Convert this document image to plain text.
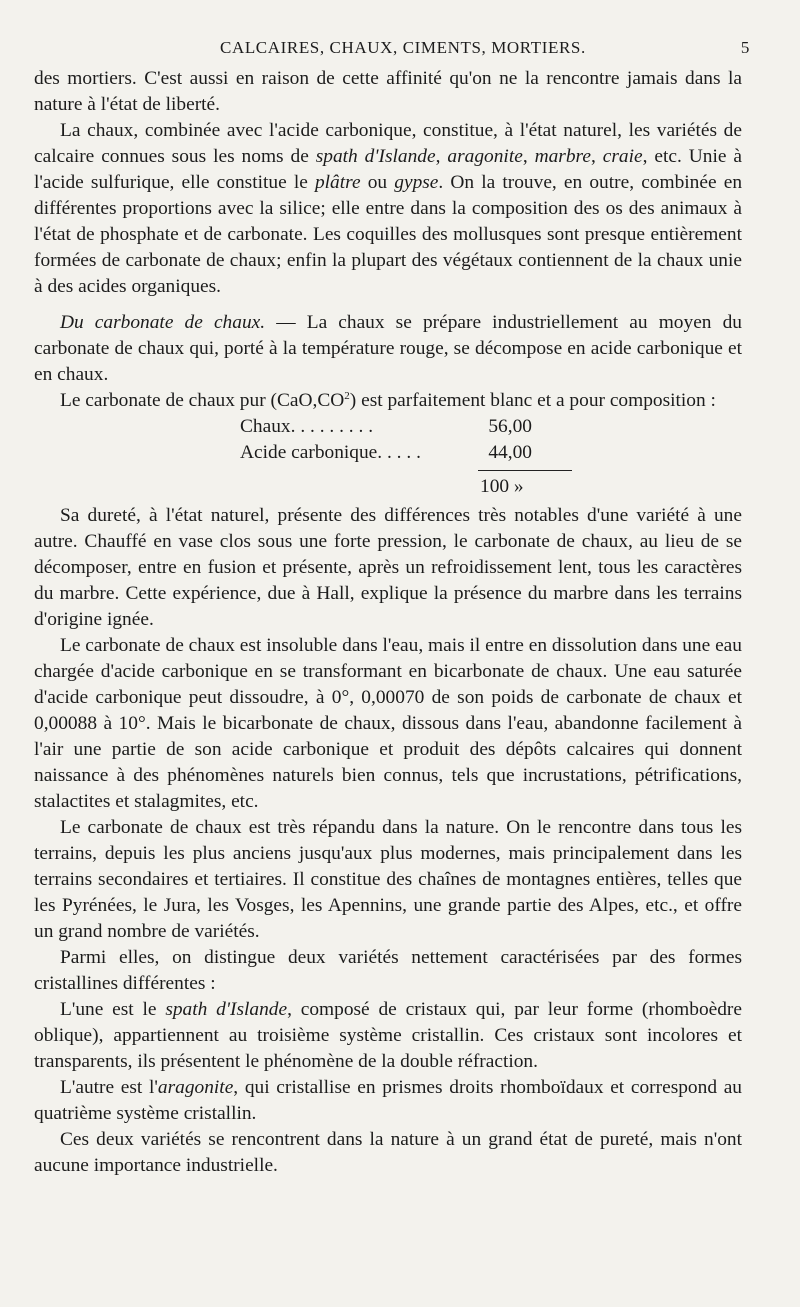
CALCAIRES, CHAUX, CIMENTS, MORTIERS.	5

des mortiers. C'est aussi en raison de cette affinité qu'on ne la rencontre jamais dans la nature à l'état de liberté.

La chaux, combinée avec l'acide carbonique, constitue, à l'état naturel, les variétés de calcaire connues sous les noms de spath d'Islande, aragonite, marbre, craie, etc. Unie à l'acide sulfurique, elle constitue le plâtre ou gypse. On la trouve, en outre, combinée en différentes proportions avec la silice; elle entre dans la composition des os des animaux à l'état de phosphate et de carbonate. Les coquilles des mollusques sont presque entièrement formées de carbonate de chaux; enfin la plupart des végétaux contiennent de la chaux unie à des acides organiques.

Du carbonate de chaux. — La chaux se prépare industriellement au moyen du carbonate de chaux qui, porté à la température rouge, se décompose en acide carbonique et en chaux.

Le carbonate de chaux pur $(CaO,CO^2)$ est parfaitement blanc et a pour composition :

Chaux. . . . . . . . .	56,00
Acide carbonique. . . . .	44,00
100 »

Sa dureté, à l'état naturel, présente des différences très notables d'une variété à une autre. Chauffé en vase clos sous une forte pression, le carbonate de chaux, au lieu de se décomposer, entre en fusion et présente, après un refroidissement lent, tous les caractères du marbre. Cette expérience, due à Hall, explique la présence du marbre dans les terrains d'origine ignée.

Le carbonate de chaux est insoluble dans l'eau, mais il entre en dissolution dans une eau chargée d'acide carbonique en se transformant en bicarbonate de chaux. Une eau saturée d'acide carbonique peut dissoudre, à 0°, 0,00070 de son poids de carbonate de chaux et 0,00088 à 10°. Mais le bicarbonate de chaux, dissous dans l'eau, abandonne facilement à l'air une partie de son acide carbonique et produit des dépôts calcaires qui donnent naissance à des phénomènes naturels bien connus, tels que incrustations, pétrifications, stalactites et stalagmites, etc.

Le carbonate de chaux est très répandu dans la nature. On le rencontre dans tous les terrains, depuis les plus anciens jusqu'aux plus modernes, mais principalement dans les terrains secondaires et tertiaires. Il constitue des chaînes de montagnes entières, telles que les Pyrénées, le Jura, les Vosges, les Apennins, une grande partie des Alpes, etc., et offre un grand nombre de variétés.

Parmi elles, on distingue deux variétés nettement caractérisées par des formes cristallines différentes :

L'une est le spath d'Islande, composé de cristaux qui, par leur forme (rhomboèdre oblique), appartiennent au troisième système cristallin. Ces cristaux sont incolores et transparents, ils présentent le phénomène de la double réfraction.

L'autre est l'aragonite, qui cristallise en prismes droits rhomboïdaux et correspond au quatrième système cristallin.

Ces deux variétés se rencontrent dans la nature à un grand état de pureté, mais n'ont aucune importance industrielle.
